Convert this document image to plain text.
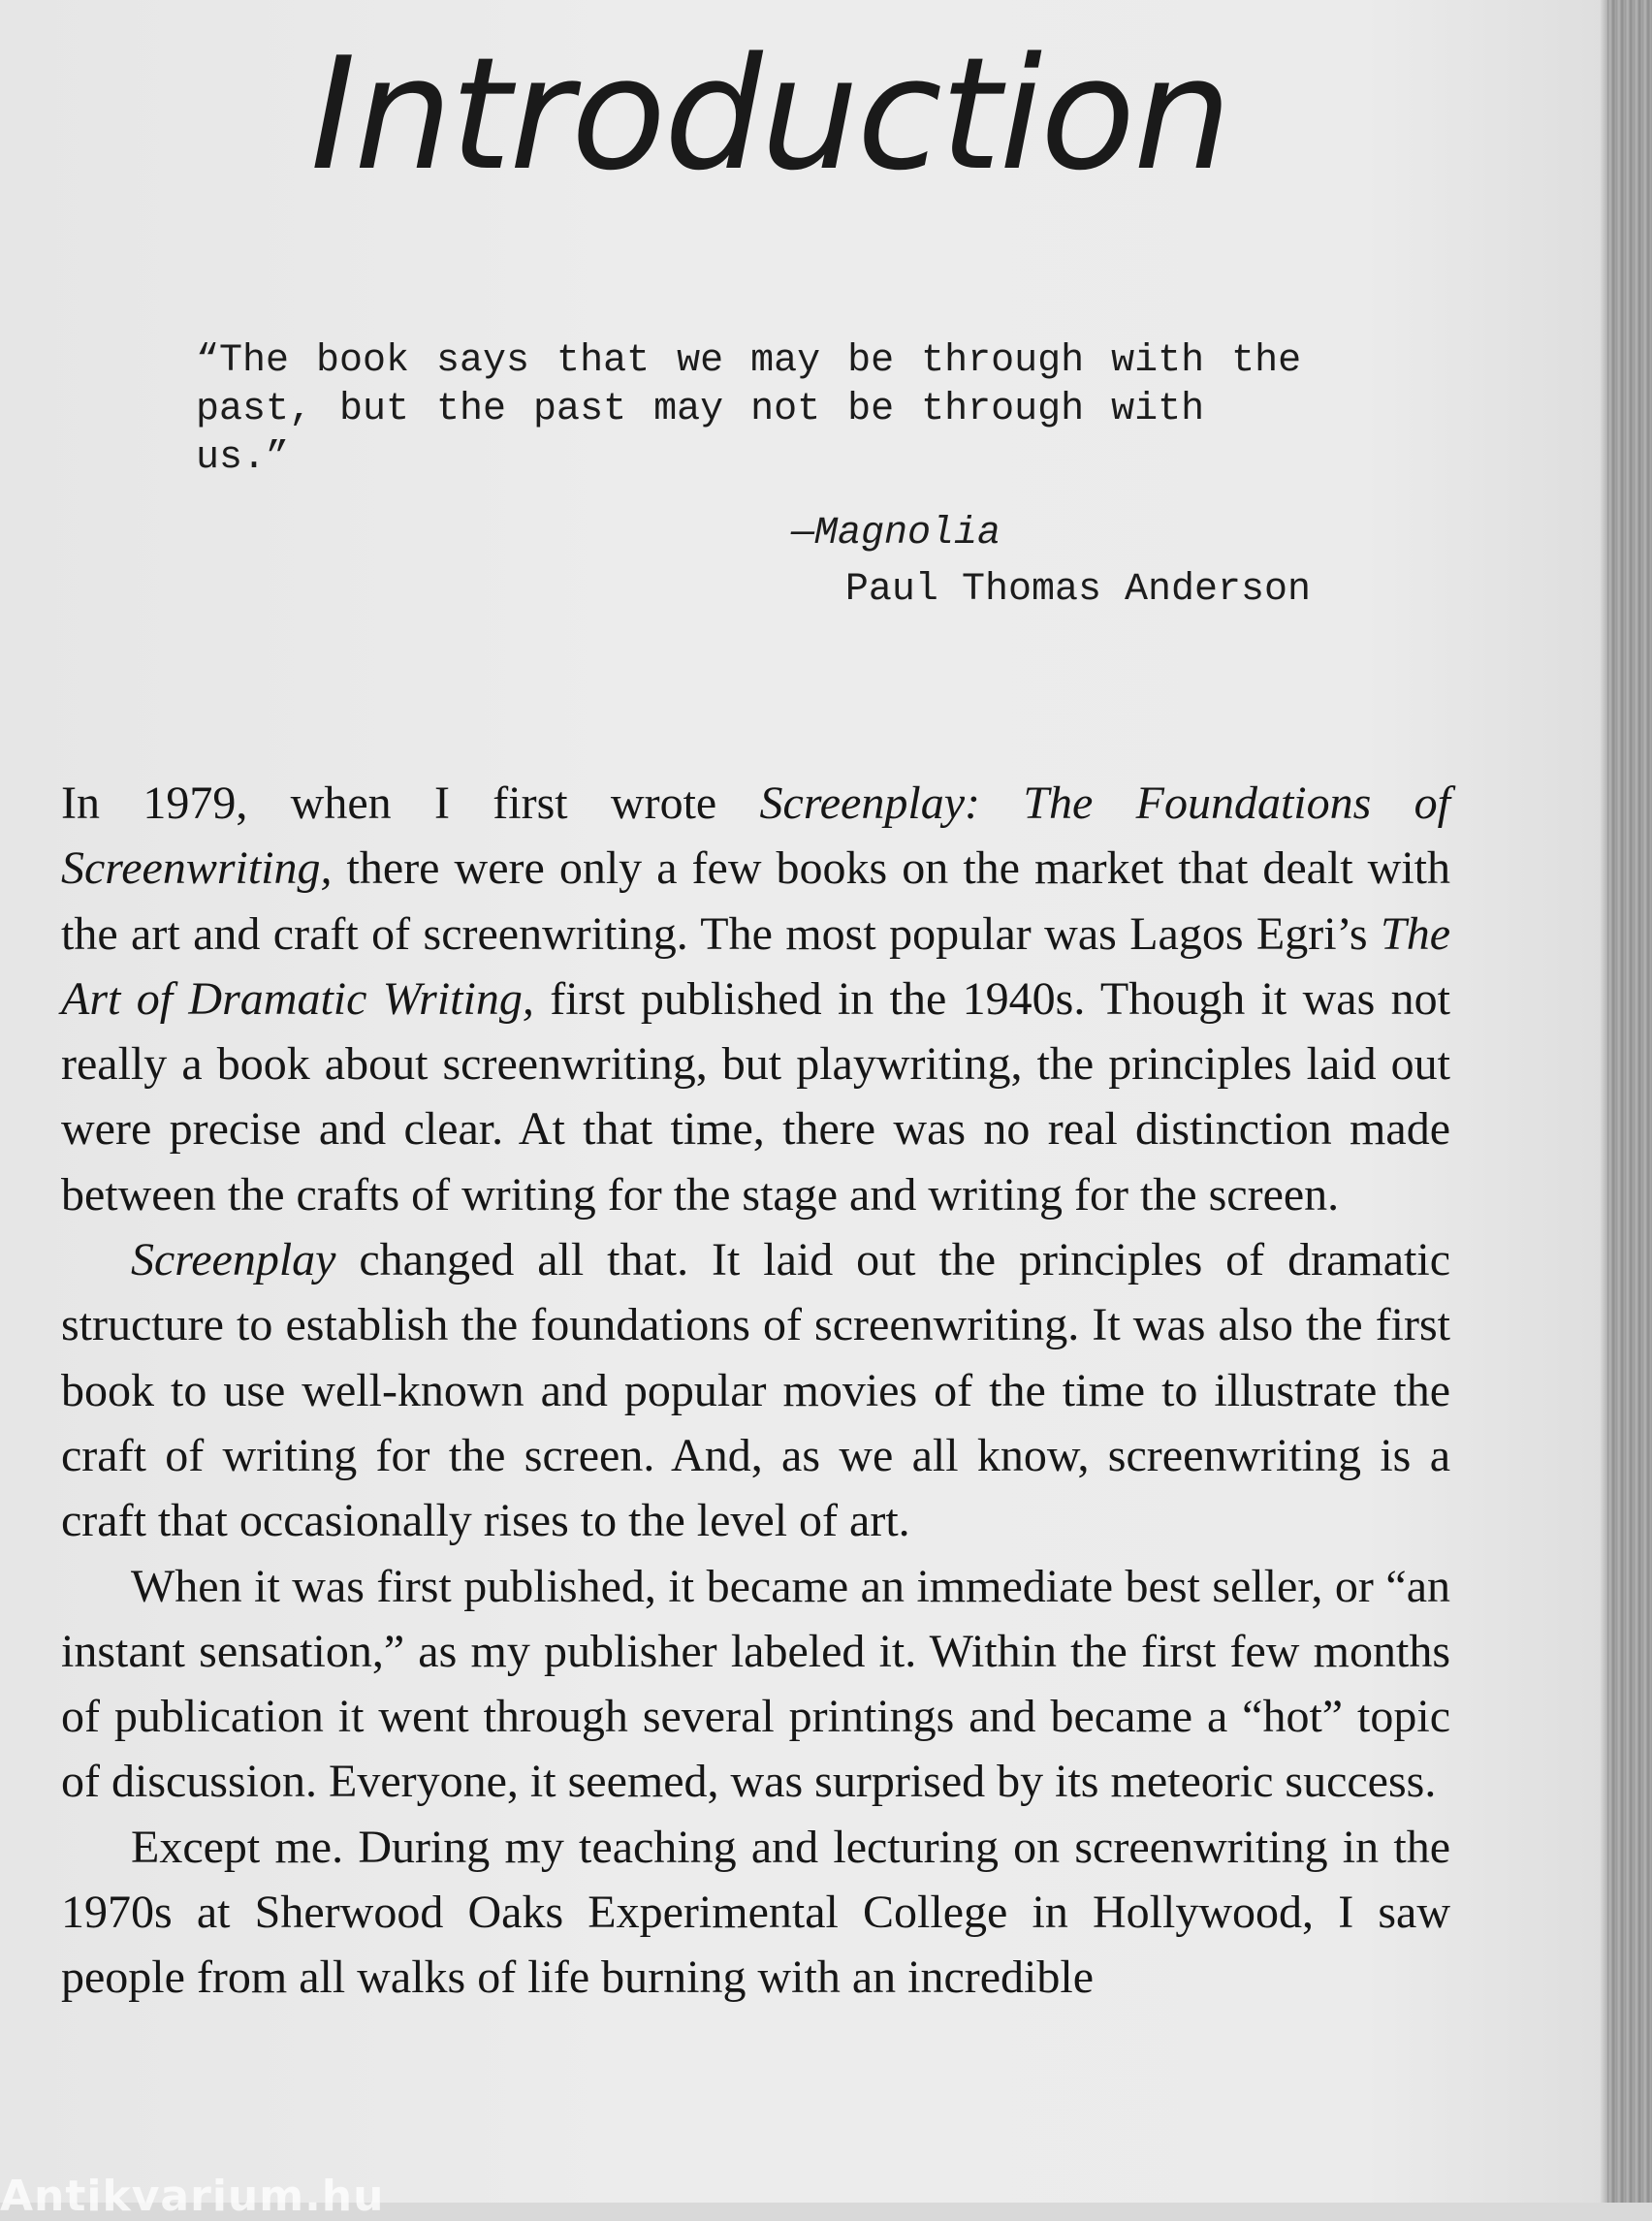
Introduction

“The book says that we may be through with the past, but the past may not be through with us.”

—Magnolia
Paul Thomas Anderson

In 1979, when I first wrote Screenplay: The Foundations of Screenwriting, there were only a few books on the market that dealt with the art and craft of screenwriting. The most popular was Lagos Egri’s The Art of Dramatic Writing, first published in the 1940s. Though it was not really a book about screenwriting, but playwriting, the principles laid out were precise and clear. At that time, there was no real distinction made between the crafts of writing for the stage and writing for the screen.

Screenplay changed all that. It laid out the principles of dramatic structure to establish the foundations of screenwriting. It was also the first book to use well-known and popular movies of the time to illustrate the craft of writing for the screen. And, as we all know, screenwriting is a craft that occasionally rises to the level of art.

When it was first published, it became an immediate best seller, or “an instant sensation,” as my publisher labeled it. Within the first few months of publication it went through several printings and became a “hot” topic of discussion. Everyone, it seemed, was surprised by its meteoric success.

Except me. During my teaching and lecturing on screenwriting in the 1970s at Sherwood Oaks Experimental College in Hollywood, I saw people from all walks of life burning with an incredible

Antikvarium.hu
